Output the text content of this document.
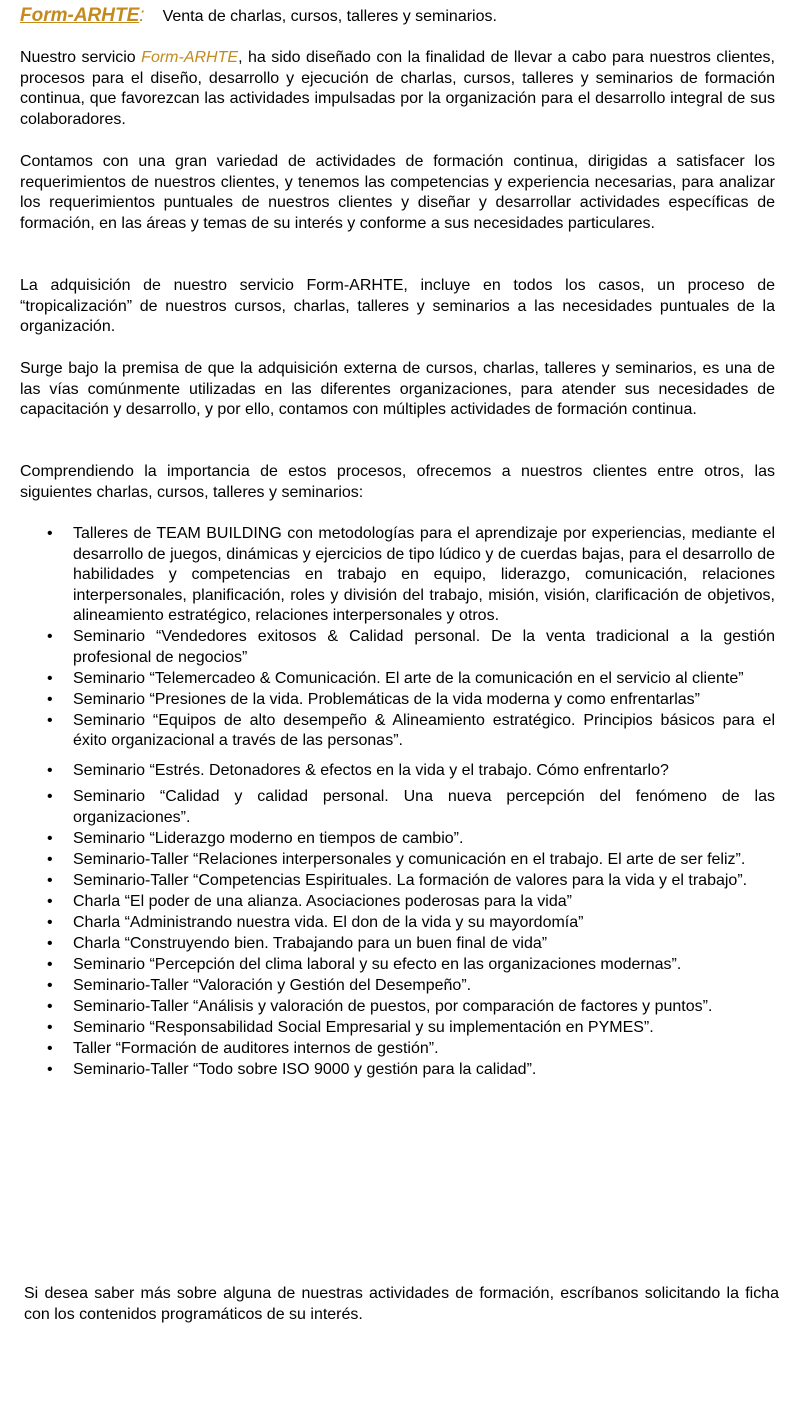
Form-ARHTE : Venta de charlas, cursos, talleres y seminarios.

Nuestro servicio Form-ARHTE, ha sido diseñado con la finalidad de llevar a cabo para nuestros clientes, procesos para el diseño, desarrollo y ejecución de charlas, cursos, talleres y seminarios de formación continua, que favorezcan las actividades impulsadas por la organización para el desarrollo integral de sus colaboradores.

Contamos con una gran variedad de actividades de formación continua, dirigidas a satisfacer los requerimientos de nuestros clientes, y tenemos las competencias y experiencia necesarias, para analizar los requerimientos puntuales de nuestros clientes y diseñar y desarrollar actividades específicas de formación, en las áreas y temas de su interés y conforme a sus necesidades particulares.

La adquisición de nuestro servicio Form-ARHTE, incluye en todos los casos, un proceso de “tropicalización” de nuestros cursos, charlas, talleres y seminarios a las necesidades puntuales de la organización.

Surge bajo la premisa de que la adquisición externa de cursos, charlas, talleres y seminarios, es una de las vías comúnmente utilizadas en las diferentes organizaciones, para atender sus necesidades de capacitación y desarrollo, y por ello, contamos con múltiples actividades de formación continua.

Comprendiendo la importancia de estos procesos, ofrecemos a nuestros clientes entre otros, las siguientes charlas, cursos, talleres y seminarios:

• Talleres de TEAM BUILDING con metodologías para el aprendizaje por experiencias, mediante el desarrollo de juegos, dinámicas y ejercicios de tipo lúdico y de cuerdas bajas, para el desarrollo de habilidades y competencias en trabajo en equipo, liderazgo, comunicación, relaciones interpersonales, planificación, roles y división del trabajo, misión, visión, clarificación de objetivos, alineamiento estratégico, relaciones interpersonales y otros.
• Seminario “Vendedores exitosos & Calidad personal. De la venta tradicional a la gestión profesional de negocios”
• Seminario “Telemercadeo & Comunicación. El arte de la comunicación en el servicio al cliente”
• Seminario “Presiones de la vida. Problemáticas de la vida moderna y como enfrentarlas”
• Seminario “Equipos de alto desempeño & Alineamiento estratégico. Principios básicos para el éxito organizacional a través de las personas”.
• Seminario “Estrés. Detonadores & efectos en la vida y el trabajo. Cómo enfrentarlo?
• Seminario “Calidad y calidad personal. Una nueva percepción del fenómeno de las organizaciones”.
• Seminario “Liderazgo moderno en tiempos de cambio”.
• Seminario-Taller “Relaciones interpersonales y comunicación en el trabajo. El arte de ser feliz”.
• Seminario-Taller “Competencias Espirituales. La formación de valores para la vida y el trabajo”.
• Charla “El poder de una alianza. Asociaciones poderosas para la vida”
• Charla “Administrando nuestra vida. El don de la vida y su mayordomía”
• Charla “Construyendo bien. Trabajando para un buen final de vida”
• Seminario “Percepción del clima laboral y su efecto en las organizaciones modernas”.
• Seminario-Taller “Valoración y Gestión del Desempeño”.
• Seminario-Taller “Análisis y valoración de puestos, por comparación de factores y puntos”.
• Seminario “Responsabilidad Social Empresarial y su implementación en PYMES”.
• Taller “Formación de auditores internos de gestión”.
• Seminario-Taller “Todo sobre ISO 9000 y gestión para la calidad”.

Si desea saber más sobre alguna de nuestras actividades de formación, escríbanos solicitando la ficha con los contenidos programáticos de su interés.
